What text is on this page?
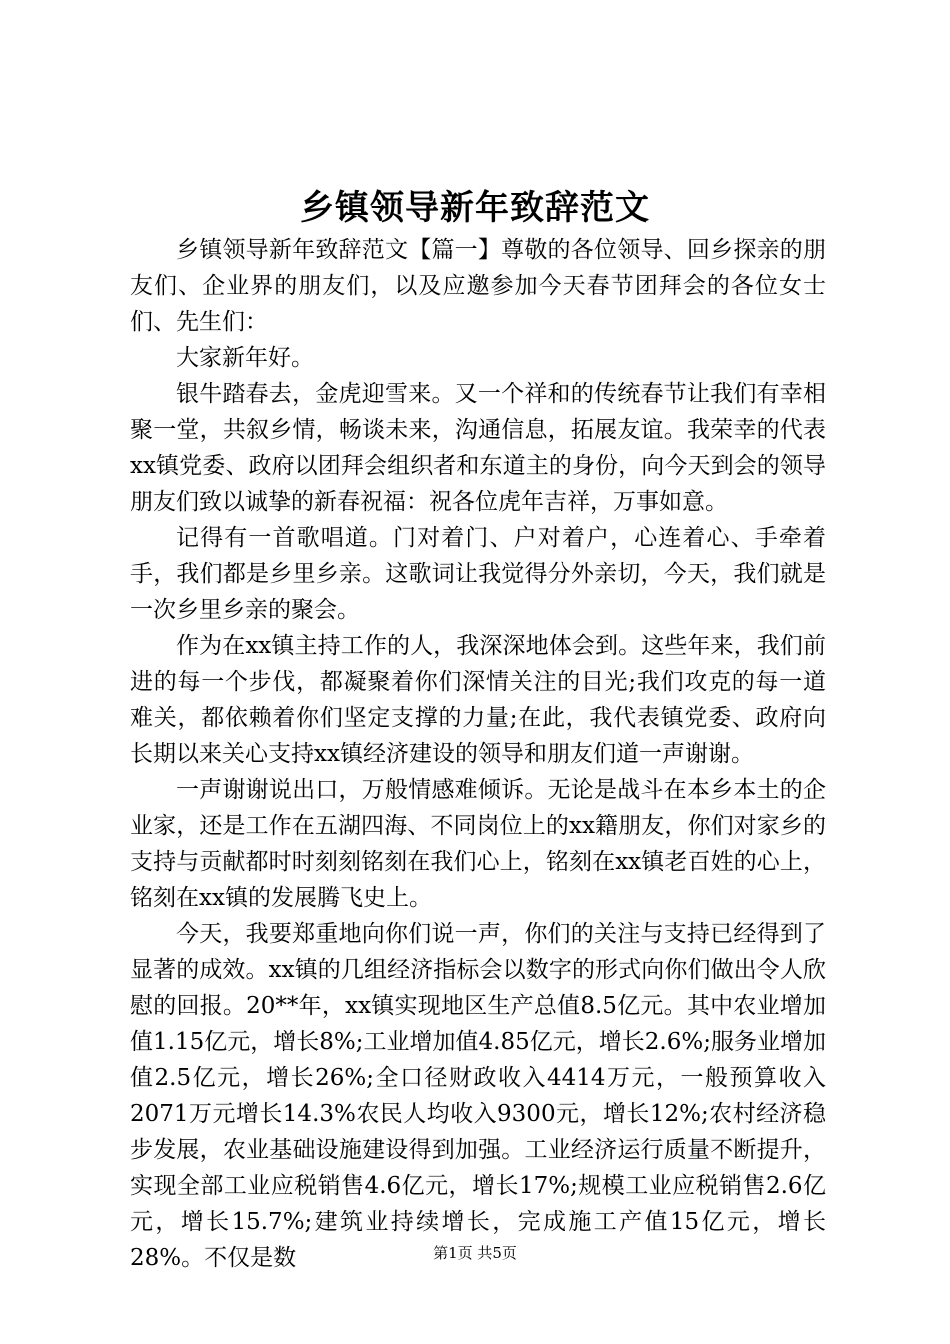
乡镇领导新年致辞范文

乡镇领导新年致辞范文【篇一】尊敬的各位领导、回乡探亲的朋友们、企业界的朋友们，以及应邀参加今天春节团拜会的各位女士们、先生们：

大家新年好。

银牛踏春去，金虎迎雪来。又一个祥和的传统春节让我们有幸相聚一堂，共叙乡情，畅谈未来，沟通信息，拓展友谊。我荣幸的代表xx镇党委、政府以团拜会组织者和东道主的身份，向今天到会的领导朋友们致以诚挚的新春祝福：祝各位虎年吉祥，万事如意。

记得有一首歌唱道。门对着门、户对着户，心连着心、手牵着手，我们都是乡里乡亲。这歌词让我觉得分外亲切，今天，我们就是一次乡里乡亲的聚会。

作为在xx镇主持工作的人，我深深地体会到。这些年来，我们前进的每一个步伐，都凝聚着你们深情关注的目光;我们攻克的每一道难关，都依赖着你们坚定支撑的力量;在此，我代表镇党委、政府向长期以来关心支持xx镇经济建设的领导和朋友们道一声谢谢。

一声谢谢说出口，万般情感难倾诉。无论是战斗在本乡本土的企业家，还是工作在五湖四海、不同岗位上的xx籍朋友，你们对家乡的支持与贡献都时时刻刻铭刻在我们心上，铭刻在xx镇老百姓的心上，铭刻在xx镇的发展腾飞史上。

今天，我要郑重地向你们说一声，你们的关注与支持已经得到了显著的成效。xx镇的几组经济指标会以数字的形式向你们做出令人欣慰的回报。20**年，xx镇实现地区生产总值8.5亿元。其中农业增加值1.15亿元，增长8%;工业增加值4.85亿元，增长2.6%;服务业增加值2.5亿元，增长26%;全口径财政收入4414万元，一般预算收入2071万元增长14.3%农民人均收入9300元，增长12%;农村经济稳步发展，农业基础设施建设得到加强。工业经济运行质量不断提升，实现全部工业应税销售4.6亿元，增长17%;规模工业应税销售2.6亿元，增长15.7%;建筑业持续增长，完成施工产值15亿元，增长28%。不仅是数	第1页 共5页
